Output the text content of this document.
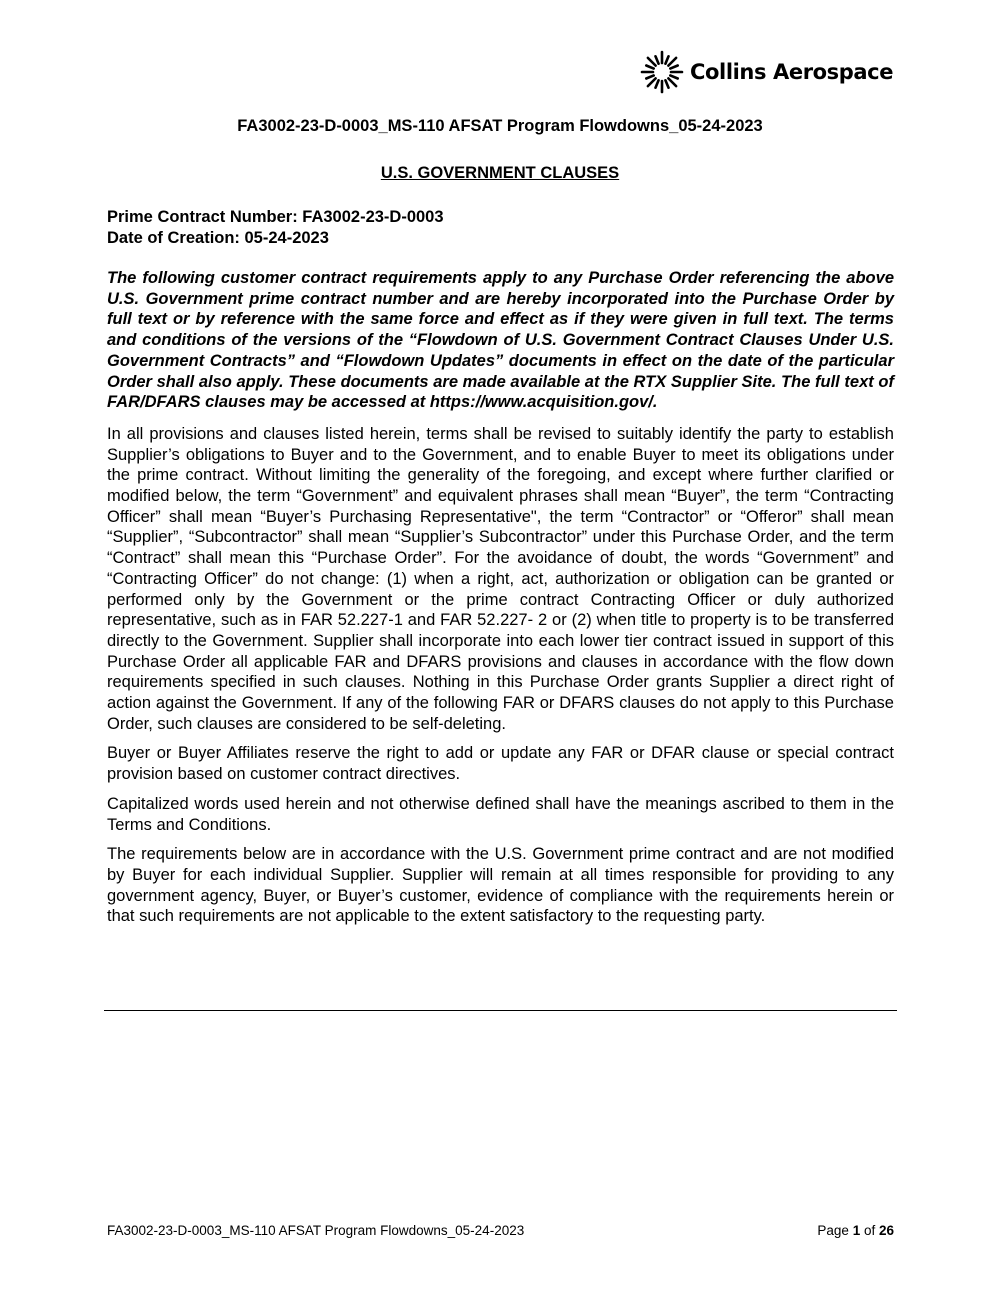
Collins Aerospace
FA3002-23-D-0003_MS-110 AFSAT Program Flowdowns_05-24-2023
U.S. GOVERNMENT CLAUSES
Prime Contract Number: FA3002-23-D-0003
Date of Creation: 05-24-2023

The following customer contract requirements apply to any Purchase Order referencing the above U.S. Government prime contract number and are hereby incorporated into the Purchase Order by full text or by reference with the same force and effect as if they were given in full text. The terms and conditions of the versions of the “Flowdown of U.S. Government Contract Clauses Under U.S. Government Contracts” and “Flowdown Updates” documents in effect on the date of the particular Order shall also apply. These documents are made available at the RTX Supplier Site. The full text of FAR/DFARS clauses may be accessed at https://www.acquisition.gov/.

In all provisions and clauses listed herein, terms shall be revised to suitably identify the party to establish Supplier’s obligations to Buyer and to the Government, and to enable Buyer to meet its obligations under the prime contract. Without limiting the generality of the foregoing, and except where further clarified or modified below, the term “Government” and equivalent phrases shall mean “Buyer”, the term “Contracting Officer” shall mean “Buyer’s Purchasing Representative", the term “Contractor” or “Offeror” shall mean “Supplier”, “Subcontractor” shall mean “Supplier’s Subcontractor” under this Purchase Order, and the term “Contract” shall mean this “Purchase Order”. For the avoidance of doubt, the words “Government” and “Contracting Officer” do not change: (1) when a right, act, authorization or obligation can be granted or performed only by the Government or the prime contract Contracting Officer or duly authorized representative, such as in FAR 52.227-1 and FAR 52.227- 2 or (2) when title to property is to be transferred directly to the Government. Supplier shall incorporate into each lower tier contract issued in support of this Purchase Order all applicable FAR and DFARS provisions and clauses in accordance with the flow down requirements specified in such clauses. Nothing in this Purchase Order grants Supplier a direct right of action against the Government. If any of the following FAR or DFARS clauses do not apply to this Purchase Order, such clauses are considered to be self-deleting.

Buyer or Buyer Affiliates reserve the right to add or update any FAR or DFAR clause or special contract provision based on customer contract directives.

Capitalized words used herein and not otherwise defined shall have the meanings ascribed to them in the Terms and Conditions.

The requirements below are in accordance with the U.S. Government prime contract and are not modified by Buyer for each individual Supplier. Supplier will remain at all times responsible for providing to any government agency, Buyer, or Buyer’s customer, evidence of compliance with the requirements herein or that such requirements are not applicable to the extent satisfactory to the requesting party.

FA3002-23-D-0003_MS-110 AFSAT Program Flowdowns_05-24-2023	Page 1 of 26
